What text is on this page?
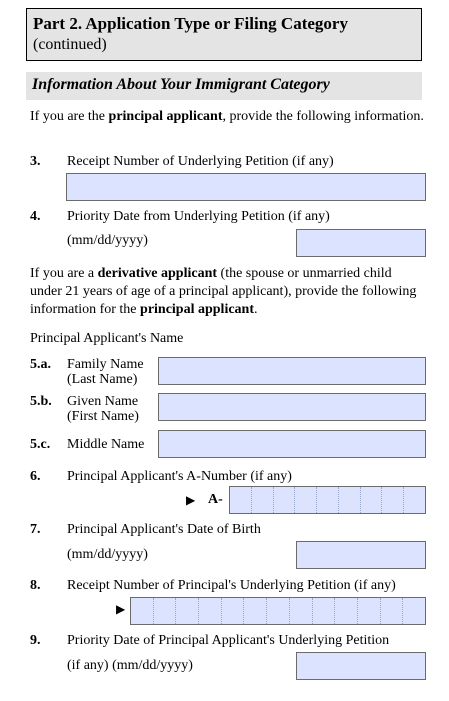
Part 2. Application Type or Filing Category
(continued)
Information About Your Immigrant Category
If you are the principal applicant, provide the following information.
3. Receipt Number of Underlying Petition (if any)
4. Priority Date from Underlying Petition (if any)
(mm/dd/yyyy)
If you are a derivative applicant (the spouse or unmarried child under 21 years of age of a principal applicant), provide the following information for the principal applicant.
Principal Applicant's Name
5.a. Family Name
(Last Name)
5.b. Given Name
(First Name)
5.c. Middle Name
6. Principal Applicant's A-Number (if any)
▶ A-
7. Principal Applicant's Date of Birth
(mm/dd/yyyy)
8. Receipt Number of Principal's Underlying Petition (if any)
▶
9. Priority Date of Principal Applicant's Underlying Petition
(if any) (mm/dd/yyyy)
